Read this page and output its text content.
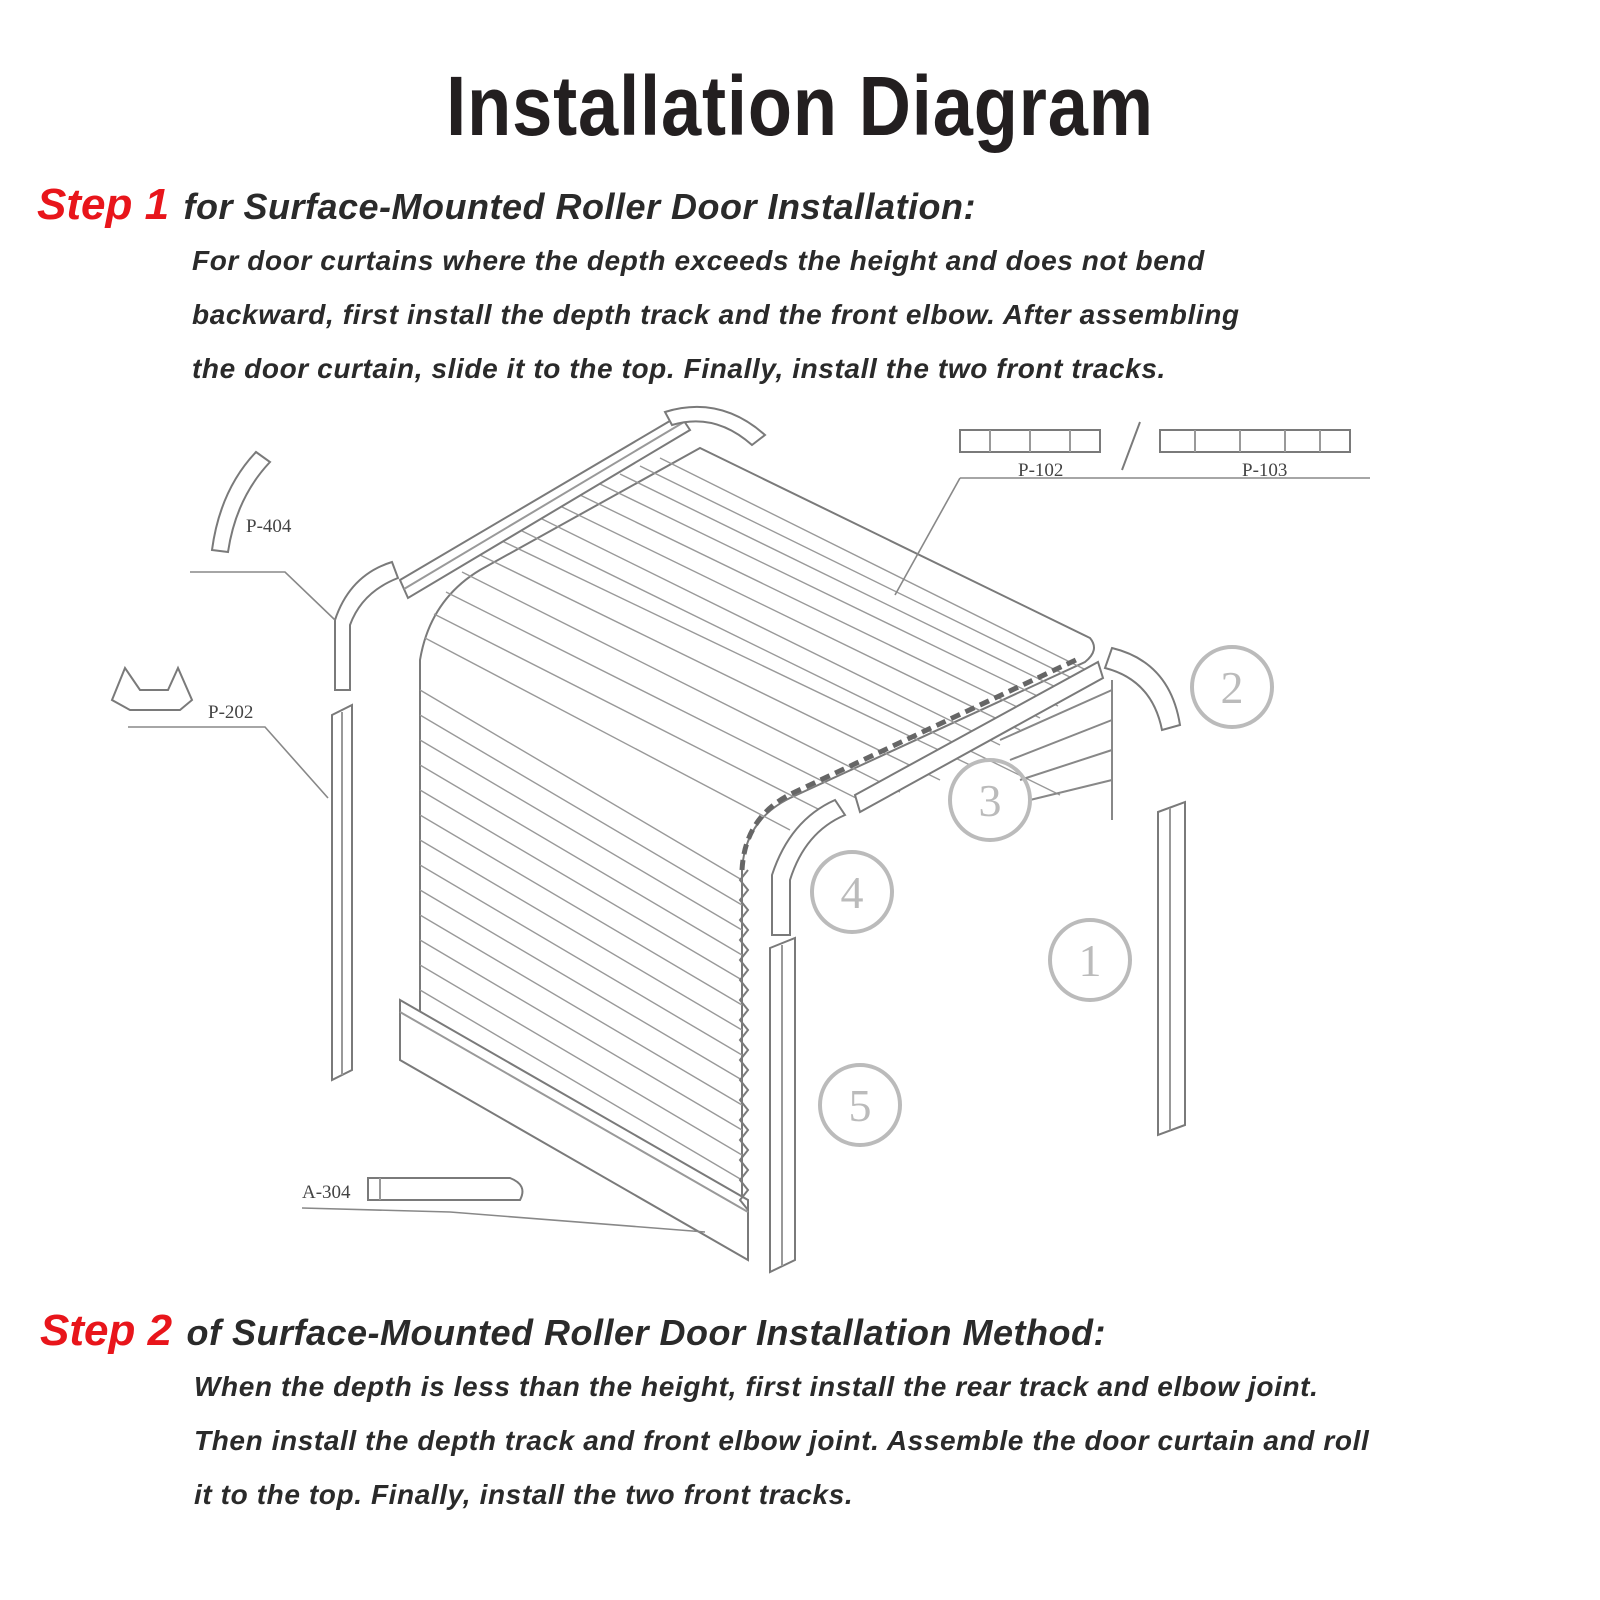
Installation Diagram
Step 1 for Surface-Mounted Roller Door Installation:
For door curtains where the depth exceeds the height and does not bend
backward, first install the depth track and the front elbow. After assembling
the door curtain, slide it to the top. Finally, install the two front tracks.
P-404
P-202
P-102	P-103
A-304
1
2
3
4
5
Step 2 of Surface-Mounted Roller Door Installation Method:
When the depth is less than the height, first install the rear track and elbow joint.
Then install the depth track and front elbow joint. Assemble the door curtain and roll
it to the top. Finally, install the two front tracks.
